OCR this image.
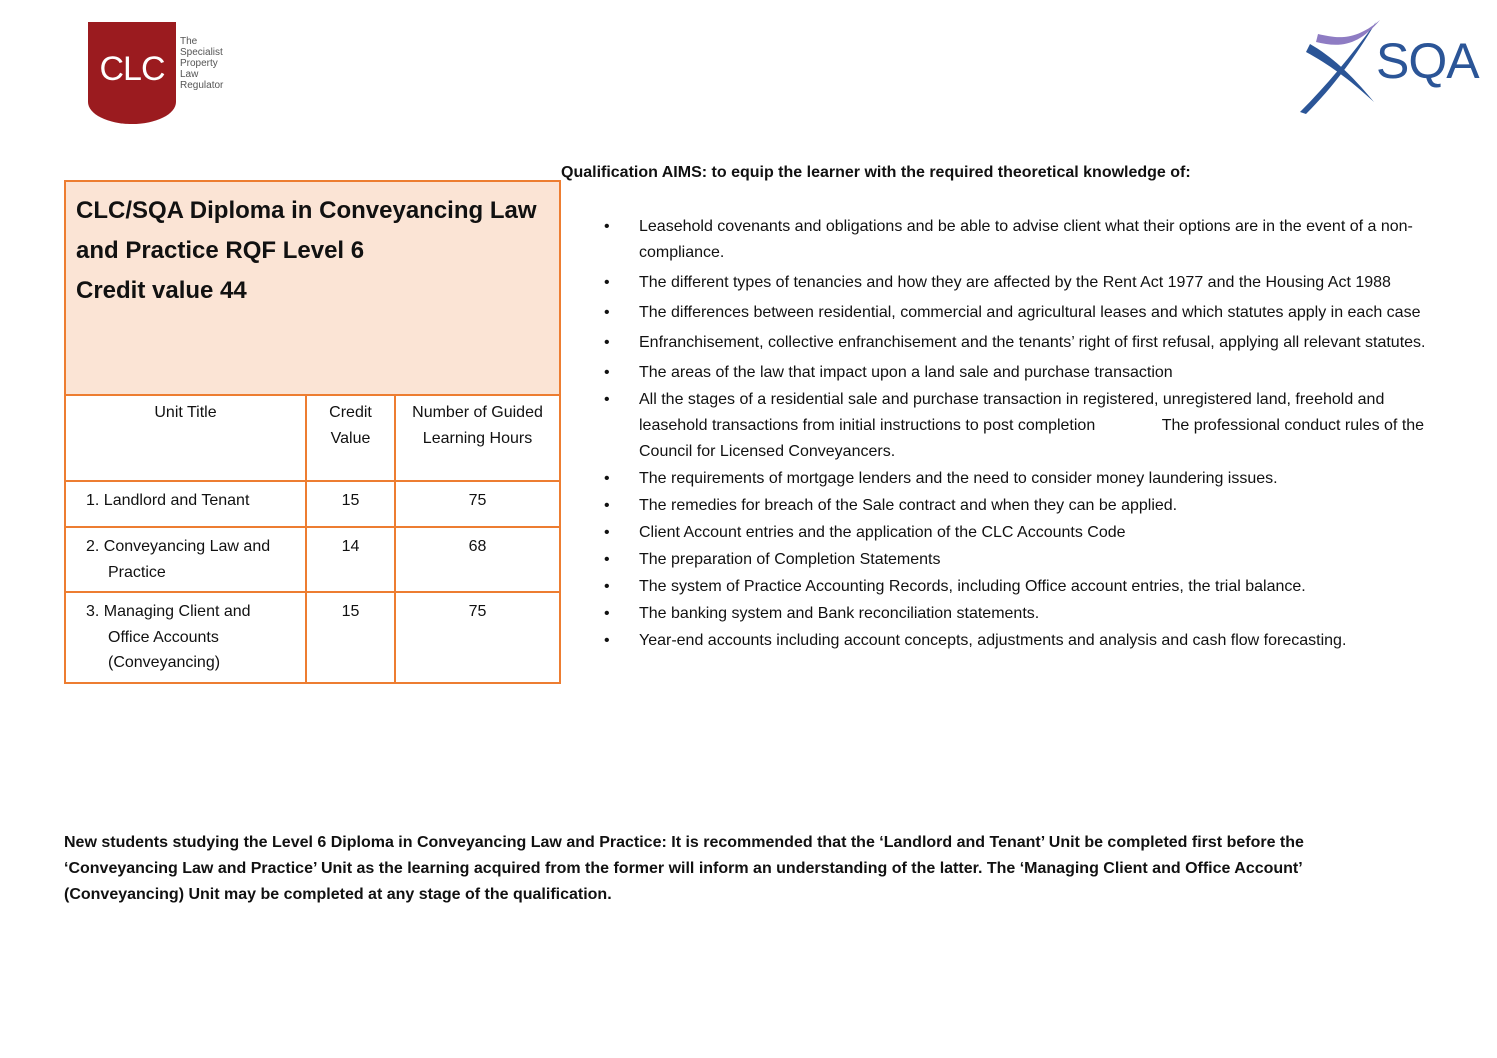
CLC
The
Specialist
Property
Law
Regulator	SQA
CLC/SQA Diploma in Conveyancing Law
and Practice RQF Level 6
Credit value 44		

Unit Title	Credit Value	Number of Guided Learning Hours

1. Landlord and Tenant	15	75

2. Conveyancing Law and Practice	14	68

3. Managing Client and Office Accounts (Conveyancing)	15	75
Qualification AIMS: to equip the learner with the required theoretical knowledge of:
• Leasehold covenants and obligations and be able to advise client what their options are in the event of a non-compliance.
• The different types of tenancies and how they are affected by the Rent Act 1977 and the Housing Act 1988
• The differences between residential, commercial and agricultural leases and which statutes apply in each case
• Enfranchisement, collective enfranchisement and the tenants’ right of first refusal, applying all relevant statutes.
• The areas of the law that impact upon a land sale and purchase transaction
• All the stages of a residential sale and purchase transaction in registered, unregistered land, freehold and leasehold transactions from initial instructions to post completion	The professional conduct rules of the Council for Licensed Conveyancers.
• The requirements of mortgage lenders and the need to consider money laundering issues.
• The remedies for breach of the Sale contract and when they can be applied.
• Client Account entries and the application of the CLC Accounts Code
• The preparation of Completion Statements
• The system of Practice Accounting Records, including Office account entries, the trial balance.
• The banking system and Bank reconciliation statements.
• Year-end accounts including account concepts, adjustments and analysis and cash flow forecasting.
New students studying the Level 6 Diploma in Conveyancing Law and Practice: It is recommended that the ‘Landlord and Tenant’ Unit be completed first before the ‘Conveyancing Law and Practice’ Unit as the learning acquired from the former will inform an understanding of the latter. The ‘Managing Client and Office Account’ (Conveyancing) Unit may be completed at any stage of the qualification.
